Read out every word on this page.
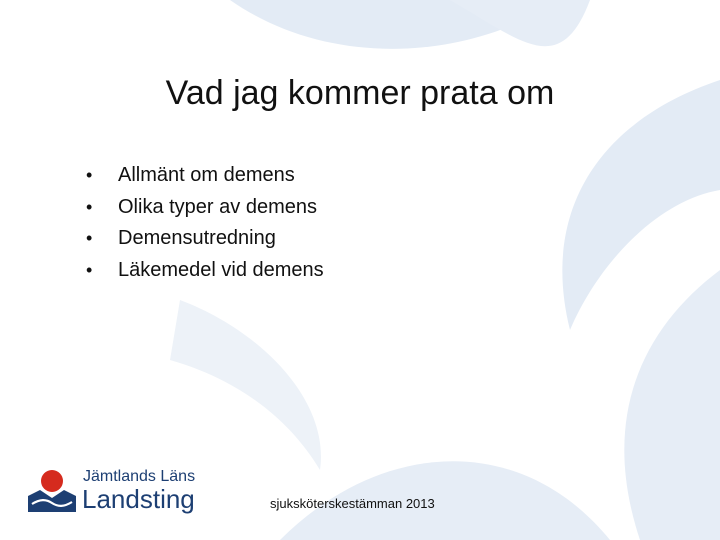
Vad jag kommer prata om
•	Allmänt om demens
•	Olika typer av demens
•	Demensutredning
•	Läkemedel vid demens
Jämtlands Läns
Landsting	sjuksköterskestämman 2013
